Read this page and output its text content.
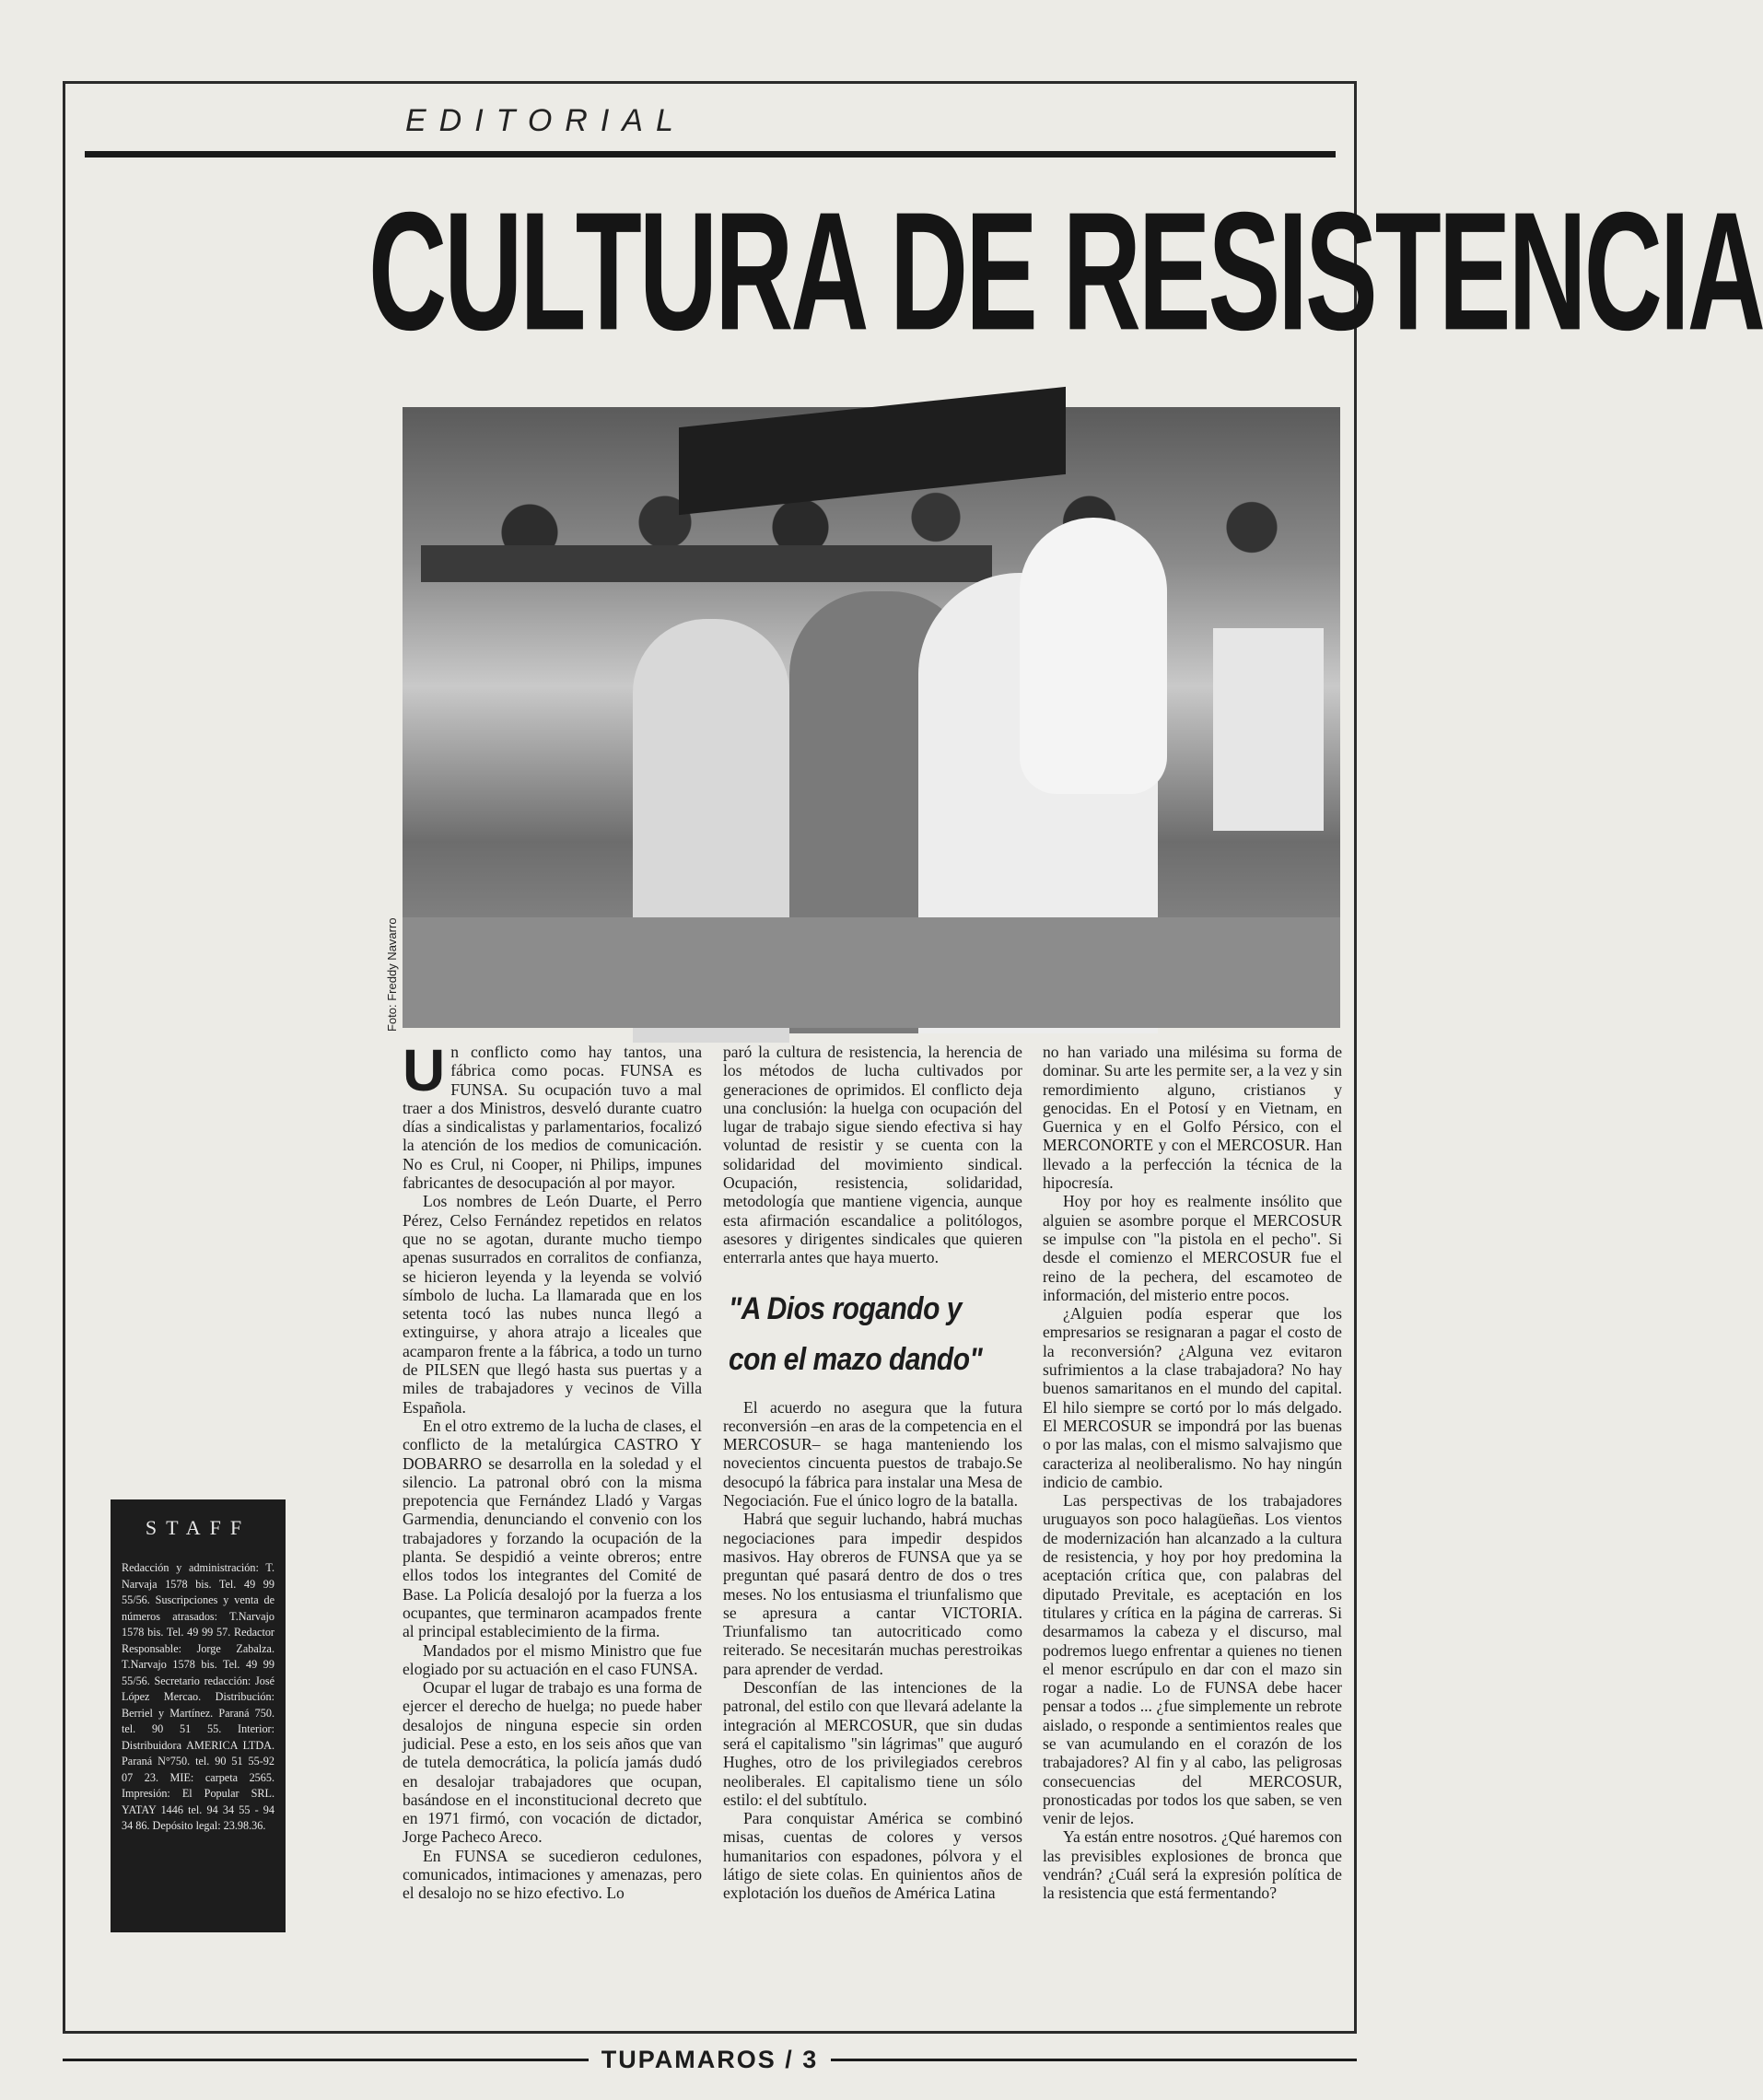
EDITORIAL
CULTURA DE RESISTENCIA
Foto: Freddy Navarro

Un conflicto como hay tantos, una fábrica como pocas. FUNSA es FUNSA. Su ocupación tuvo a mal traer a dos Ministros, desveló durante cuatro días a sindicalistas y parlamentarios, focalizó la atención de los medios de comunicación. No es Crul, ni Cooper, ni Philips, impunes fabricantes de desocupación al por mayor.

Los nombres de León Duarte, el Perro Pérez, Celso Fernández repetidos en relatos que no se agotan, durante mucho tiempo apenas susurrados en corralitos de confianza, se hicieron leyenda y la leyenda se volvió símbolo de lucha. La llamarada que en los setenta tocó las nubes nunca llegó a extinguirse, y ahora atrajo a liceales que acamparon frente a la fábrica, a todo un turno de PILSEN que llegó hasta sus puertas y a miles de trabajadores y vecinos de Villa Española.

En el otro extremo de la lucha de clases, el conflicto de la metalúrgica CASTRO Y DOBARRO se desarrolla en la soledad y el silencio. La patronal obró con la misma prepotencia que Fernández Lladó y Vargas Garmendia, denunciando el convenio con los trabajadores y forzando la ocupación de la planta. Se despidió a veinte obreros; entre ellos todos los integrantes del Comité de Base. La Policía desalojó por la fuerza a los ocupantes, que terminaron acampados frente al principal establecimiento de la firma.

Mandados por el mismo Ministro que fue elogiado por su actuación en el caso FUNSA.

Ocupar el lugar de trabajo es una forma de ejercer el derecho de huelga; no puede haber desalojos de ninguna especie sin orden judicial. Pese a esto, en los seis años que van de tutela democrática, la policía jamás dudó en desalojar trabajadores que ocupan, basándose en el inconstitucional decreto que en 1971 firmó, con vocación de dictador, Jorge Pacheco Areco.

En FUNSA se sucedieron cedulones, comunicados, intimaciones y amenazas, pero el desalojo no se hizo efectivo. Lo

paró la cultura de resistencia, la herencia de los métodos de lucha cultivados por generaciones de oprimidos. El conflicto deja una conclusión: la huelga con ocupación del lugar de trabajo sigue siendo efectiva si hay voluntad de resistir y se cuenta con la solidaridad del movimiento sindical. Ocupación, resistencia, solidaridad, metodología que mantiene vigencia, aunque esta afirmación escandalice a politólogos, asesores y dirigentes sindicales que quieren enterrarla antes que haya muerto.

"A Dios rogando y
con el mazo dando"

El acuerdo no asegura que la futura reconversión –en aras de la competencia en el MERCOSUR– se haga manteniendo los novecientos cincuenta puestos de trabajo.Se desocupó la fábrica para instalar una Mesa de Negociación. Fue el único logro de la batalla.

Habrá que seguir luchando, habrá muchas negociaciones para impedir despidos masivos. Hay obreros de FUNSA que ya se preguntan qué pasará dentro de dos o tres meses. No los entusiasma el triunfalismo que se apresura a cantar VICTORIA. Triunfalismo tan autocriticado como reiterado. Se necesitarán muchas perestroikas para aprender de verdad.

Desconfían de las intenciones de la patronal, del estilo con que llevará adelante la integración al MERCOSUR, que sin dudas será el capitalismo "sin lágrimas" que auguró Hughes, otro de los privilegiados cerebros neoliberales. El capitalismo tiene un sólo estilo: el del subtítulo.

Para conquistar América se combinó misas, cuentas de colores y versos humanitarios con espadones, pólvora y el látigo de siete colas. En quinientos años de explotación los dueños de América Latina

no han variado una milésima su forma de dominar. Su arte les permite ser, a la vez y sin remordimiento alguno, cristianos y genocidas. En el Potosí y en Vietnam, en Guernica y en el Golfo Pérsico, con el MERCONORTE y con el MERCOSUR. Han llevado a la perfección la técnica de la hipocresía.

Hoy por hoy es realmente insólito que alguien se asombre porque el MERCOSUR se impulse con "la pistola en el pecho". Si desde el comienzo el MERCOSUR fue el reino de la pechera, del escamoteo de información, del misterio entre pocos.

¿Alguien podía esperar que los empresarios se resignaran a pagar el costo de la reconversión? ¿Alguna vez evitaron sufrimientos a la clase trabajadora? No hay buenos samaritanos en el mundo del capital. El hilo siempre se cortó por lo más delgado. El MERCOSUR se impondrá por las buenas o por las malas, con el mismo salvajismo que caracteriza al neoliberalismo. No hay ningún indicio de cambio.

Las perspectivas de los trabajadores uruguayos son poco halagüeñas. Los vientos de modernización han alcanzado a la cultura de resistencia, y hoy por hoy predomina la aceptación crítica que, con palabras del diputado Previtale, es aceptación en los titulares y crítica en la página de carreras. Si desarmamos la cabeza y el discurso, mal podremos luego enfrentar a quienes no tienen el menor escrúpulo en dar con el mazo sin rogar a nadie. Lo de FUNSA debe hacer pensar a todos ... ¿fue simplemente un rebrote aislado, o responde a sentimientos reales que se van acumulando en el corazón de los trabajadores? Al fin y al cabo, las peligrosas consecuencias del MERCOSUR, pronosticadas por todos los que saben, se ven venir de lejos.

Ya están entre nosotros. ¿Qué haremos con las previsibles explosiones de bronca que vendrán? ¿Cuál será la expresión política de la resistencia que está fermentando?

STAFF
Redacción y administración: T. Narvaja 1578 bis. Tel. 49 99 55/56. Suscripciones y venta de números atrasados: T.Narvajo 1578 bis. Tel. 49 99 57. Redactor Responsable: Jorge Zabalza. T.Narvajo 1578 bis. Tel. 49 99 55/56. Secretario redacción: José López Mercao. Distribución: Berriel y Martínez. Paraná 750. tel. 90 51 55. Interior: Distribuidora AMERICA LTDA. Paraná N°750. tel. 90 51 55-92 07 23. MIE: carpeta 2565. Impresión: El Popular SRL. YATAY 1446 tel. 94 34 55 - 94 34 86. Depósito legal: 23.98.36.
TUPAMAROS / 3
